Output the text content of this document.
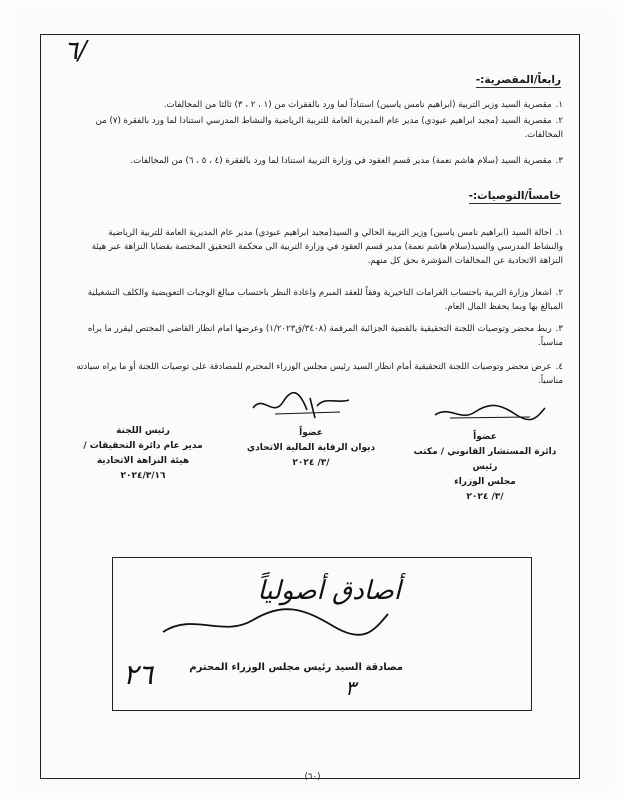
٦/
رابعاً/المقصرية:-
١.مقصرية السيد وزير التربية (ابراهيم نامس ياسين) استناداً لما ورد بالفقرات من (١ ، ٢ ، ٣) ثالثا من المخالفات.
٢.مقصرية السيد (مجيد ابراهيم عبودي) مدير عام المديرية العامة للتربية الرياضية والنشاط المدرسي استنادا لما ورد بالفقرة (٧) من المخالفات.
٣.مقصرية السيد (سلام هاشم نعمة) مدير قسم العقود في وزارة التربية استنادا لما ورد بالفقرة (٤ ، ٥ ، ٦) من المخالفات.
خامساً/التوصيات:-
١.احالة السيد (ابراهيم نامس ياسين) وزير التربية الحالي و السيد(مجيد ابراهيم عبودي) مدير عام المديرية العامة للتربية الرياضية والنشاط المدرسي والسيد(سلام هاشم نعمة) مدير قسم العقود في وزارة التربية الى محكمة التحقيق المختصة بقضايا النزاهة عبر هيئة النزاهة الاتحادية عن المخالفات المؤشرة بحق كل منهم.
٢.اشعار وزارة التربية باحتساب الغرامات التاخيرية وفقاً للعقد المبرم واعادة النظر باحتساب مبالغ الوجبات التعويضية والكلف التشغيلية المبالغ بها وبما يحفظ المال العام.
٣.ربط محضر وتوصيات اللجنة التحقيقية بالقضية الجزائية المرقمة (٣٤٠٨/ق١/٢٠٢٣) وعرضها امام انظار القاضي المختص ليقرر ما يراه مناسباً.
٤.عرض محضر وتوصيات اللجنة التحقيقية أمام انظار السيد رئيس مجلس الوزراء المحترم للمصادقة على توصيات اللجنة أو ما يراه سيادته مناسباً.
عضواً
دائرة المستشار القانوني / مكتب رئيس
مجلس الوزراء
/٣/ ٢٠٢٤
عضواً
ديوان الرقابة المالية الاتحادي
/٣/ ٢٠٢٤
رئيس اللجنة
مدير عام دائرة التحقيقات /
هيئة النزاهة الاتحادية
٢٠٢٤/٣/١٦
أصادق أصولياً
٢٦	٣
مصادقة السيد رئيس مجلس الوزراء المحترم
(٦٠)
